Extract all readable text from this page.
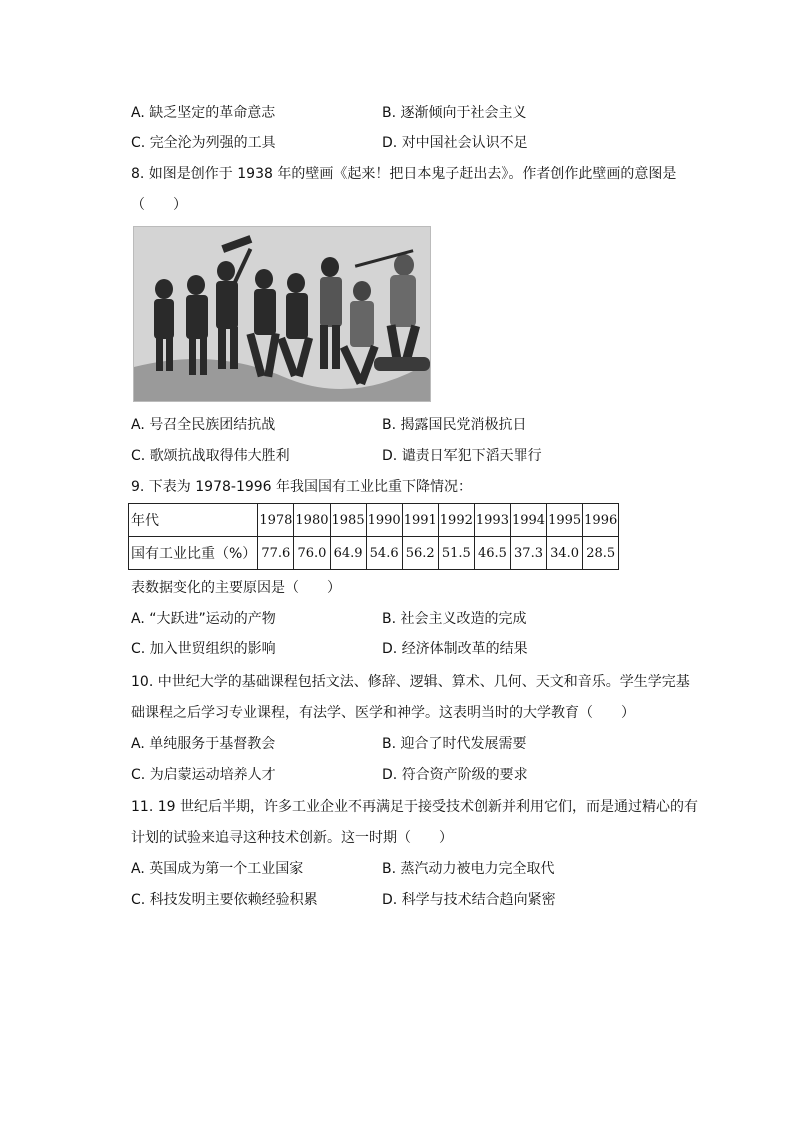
A. 缺乏坚定的革命意志	B. 逐渐倾向于社会主义
C. 完全沦为列强的工具	D. 对中国社会认识不足
8. 如图是创作于 1938 年的壁画《起来！把日本鬼子赶出去》。作者创作此壁画的意图是
（　　）
A. 号召全民族团结抗战	B. 揭露国民党消极抗日
C. 歌颂抗战取得伟大胜利	D. 谴责日军犯下滔天罪行
9. 下表为 1978-1996 年我国国有工业比重下降情况：
年代	1978	1980	1985	1990	1991	1992	1993	1994	1995	1996
国有工业比重（%）	77.6	76.0	64.9	54.6	56.2	51.5	46.5	37.3	34.0	28.5
表数据变化的主要原因是（　　）
A. “大跃进”运动的产物	B. 社会主义改造的完成
C. 加入世贸组织的影响	D. 经济体制改革的结果
10. 中世纪大学的基础课程包括文法、修辞、逻辑、算术、几何、天文和音乐。学生学完基
础课程之后学习专业课程，有法学、医学和神学。这表明当时的大学教育（　　）
A. 单纯服务于基督教会	B. 迎合了时代发展需要
C. 为启蒙运动培养人才	D. 符合资产阶级的要求
11. 19 世纪后半期，许多工业企业不再满足于接受技术创新并利用它们，而是通过精心的有
计划的试验来追寻这种技术创新。这一时期（　　）
A. 英国成为第一个工业国家	B. 蒸汽动力被电力完全取代
C. 科技发明主要依赖经验积累	D. 科学与技术结合趋向紧密
